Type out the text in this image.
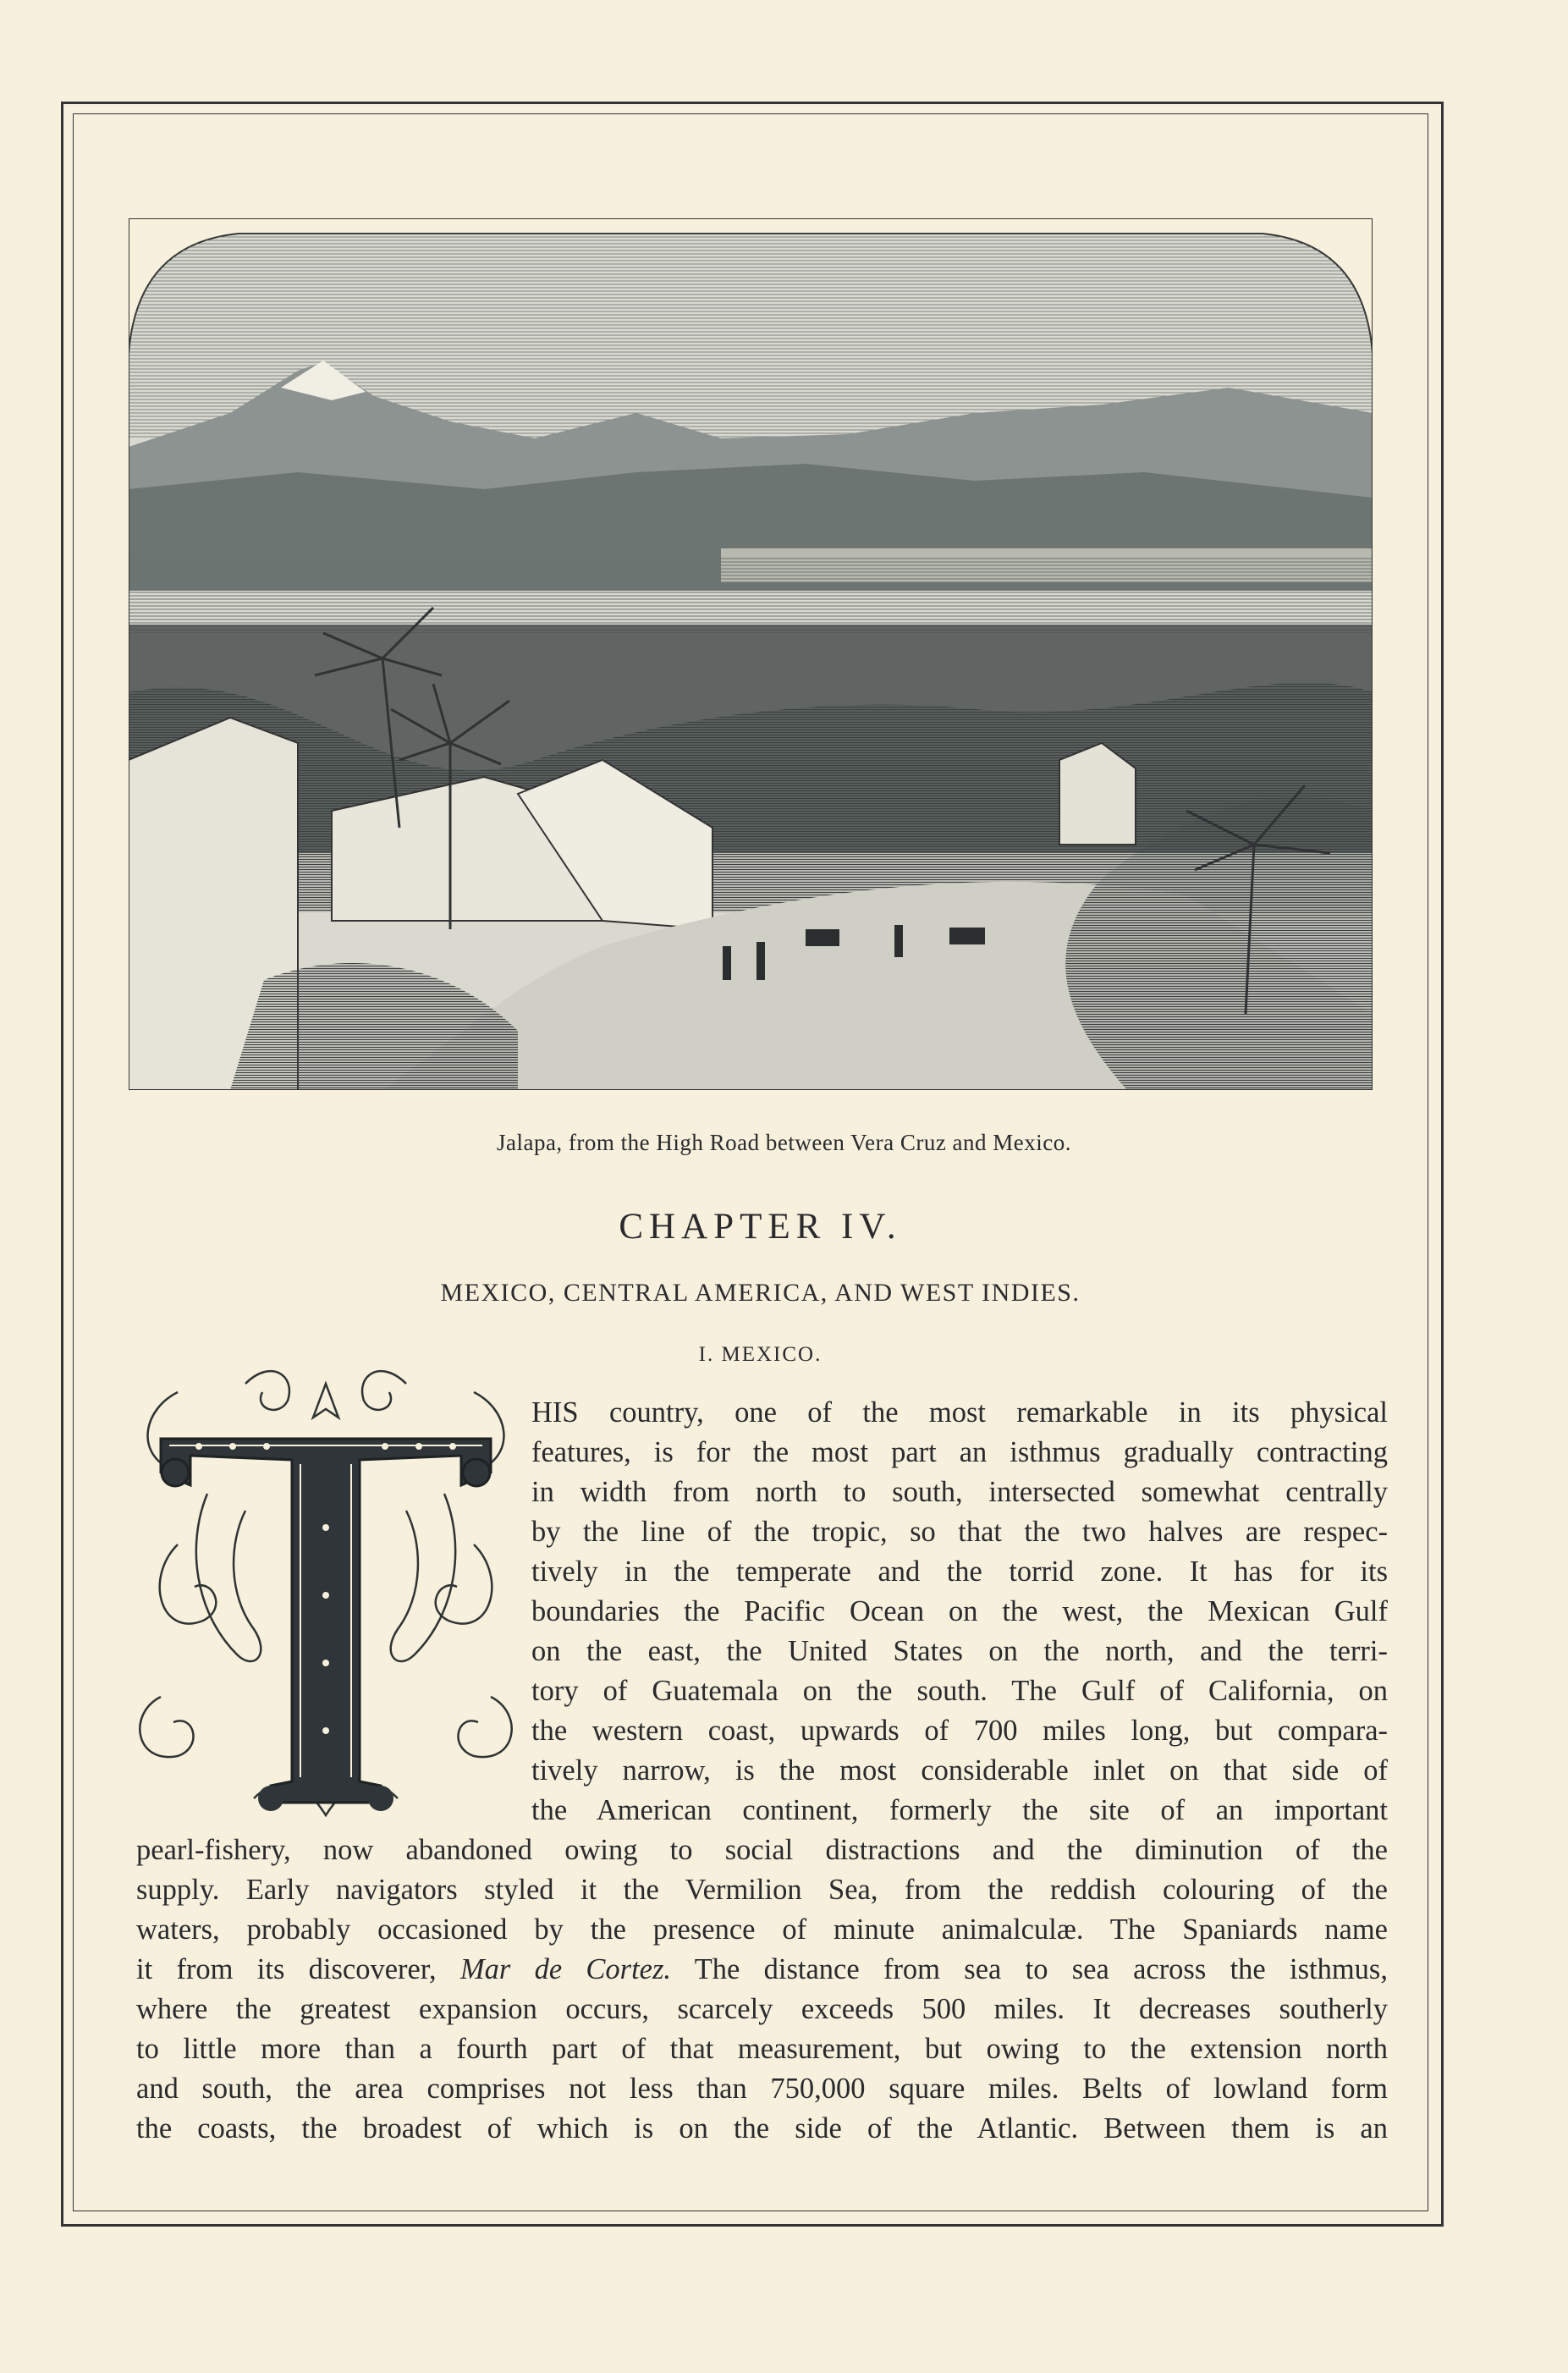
Jalapa, from the High Road between Vera Cruz and Mexico.
CHAPTER IV.
MEXICO, CENTRAL AMERICA, AND WEST INDIES.
I. MEXICO.
HIS country, one of the most remarkable in its physical
features, is for the most part an isthmus gradually contracting
in width from north to south, intersected somewhat centrally
by the line of the tropic, so that the two halves are respec-
tively in the temperate and the torrid zone. It has for its
boundaries the Pacific Ocean on the west, the Mexican Gulf
on the east, the United States on the north, and the terri-
tory of Guatemala on the south. The Gulf of California, on
the western coast, upwards of 700 miles long, but compara-
tively narrow, is the most considerable inlet on that side of
the American continent, formerly the site of an important
pearl-fishery, now abandoned owing to social distractions and the diminution of the
supply. Early navigators styled it the Vermilion Sea, from the reddish colouring of the
waters, probably occasioned by the presence of minute animalculæ. The Spaniards name
it from its discoverer, Mar de Cortez. The distance from sea to sea across the isthmus,
where the greatest expansion occurs, scarcely exceeds 500 miles. It decreases southerly
to little more than a fourth part of that measurement, but owing to the extension north
and south, the area comprises not less than 750,000 square miles. Belts of lowland form
the coasts, the broadest of which is on the side of the Atlantic. Between them is an
